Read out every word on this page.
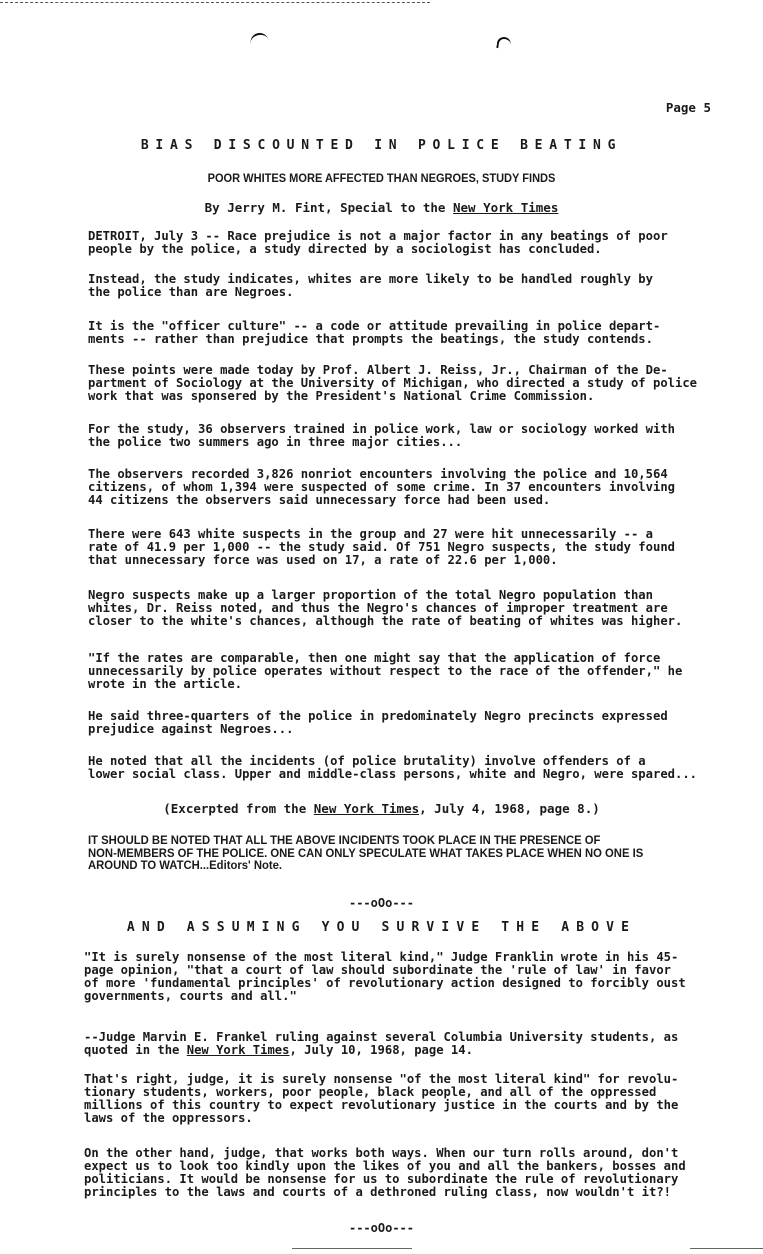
Page 5
BIAS DISCOUNTED IN POLICE BEATING
POOR WHITES MORE AFFECTED THAN NEGROES, STUDY FINDS
By Jerry M. Fint, Special to the New York Times
DETROIT, July 3 -- Race prejudice is not a major factor in any beatings of poor
people by the police, a study directed by a sociologist has concluded.
Instead, the study indicates, whites are more likely to be handled roughly by
the police than are Negroes.
It is the "officer culture" -- a code or attitude prevailing in police depart-
ments -- rather than prejudice that prompts the beatings, the study contends.
These points were made today by Prof. Albert J. Reiss, Jr., Chairman of the De-
partment of Sociology at the University of Michigan, who directed a study of police
work that was sponsered by the President's National Crime Commission.
For the study, 36 observers trained in police work, law or sociology worked with
the police two summers ago in three major cities...
The observers recorded 3,826 nonriot encounters involving the police and 10,564
citizens, of whom 1,394 were suspected of some crime. In 37 encounters involving
44 citizens the observers said unnecessary force had been used.
There were 643 white suspects in the group and 27 were hit unnecessarily -- a
rate of 41.9 per 1,000 -- the study said. Of 751 Negro suspects, the study found
that unnecessary force was used on 17, a rate of 22.6 per 1,000.
Negro suspects make up a larger proportion of the total Negro population than
whites, Dr. Reiss noted, and thus the Negro's chances of improper treatment are
closer to the white's chances, although the rate of beating of whites was higher.
"If the rates are comparable, then one might say that the application of force
unnecessarily by police operates without respect to the race of the offender," he
wrote in the article.
He said three-quarters of the police in predominately Negro precincts expressed
prejudice against Negroes...
He noted that all the incidents (of police brutality) involve offenders of a
lower social class. Upper and middle-class persons, white and Negro, were spared...
(Excerpted from the New York Times, July 4, 1968, page 8.)
IT SHOULD BE NOTED THAT ALL THE ABOVE INCIDENTS TOOK PLACE IN THE PRESENCE OF
NON-MEMBERS OF THE POLICE. ONE CAN ONLY SPECULATE WHAT TAKES PLACE WHEN NO ONE IS
AROUND TO WATCH...Editors' Note.
---oOo---
AND ASSUMING YOU SURVIVE THE ABOVE
"It is surely nonsense of the most literal kind," Judge Franklin wrote in his 45-
page opinion, "that a court of law should subordinate the 'rule of law' in favor
of more 'fundamental principles' of revolutionary action designed to forcibly oust
governments, courts and all."
--Judge Marvin E. Frankel ruling against several Columbia University students, as
quoted in the New York Times, July 10, 1968, page 14.
That's right, judge, it is surely nonsense "of the most literal kind" for revolu-
tionary students, workers, poor people, black people, and all of the oppressed
millions of this country to expect revolutionary justice in the courts and by the
laws of the oppressors.
On the other hand, judge, that works both ways. When our turn rolls around, don't
expect us to look too kindly upon the likes of you and all the bankers, bosses and
politicians. It would be nonsense for us to subordinate the rule of revolutionary
principles to the laws and courts of a dethroned ruling class, now wouldn't it?!
---oOo---
